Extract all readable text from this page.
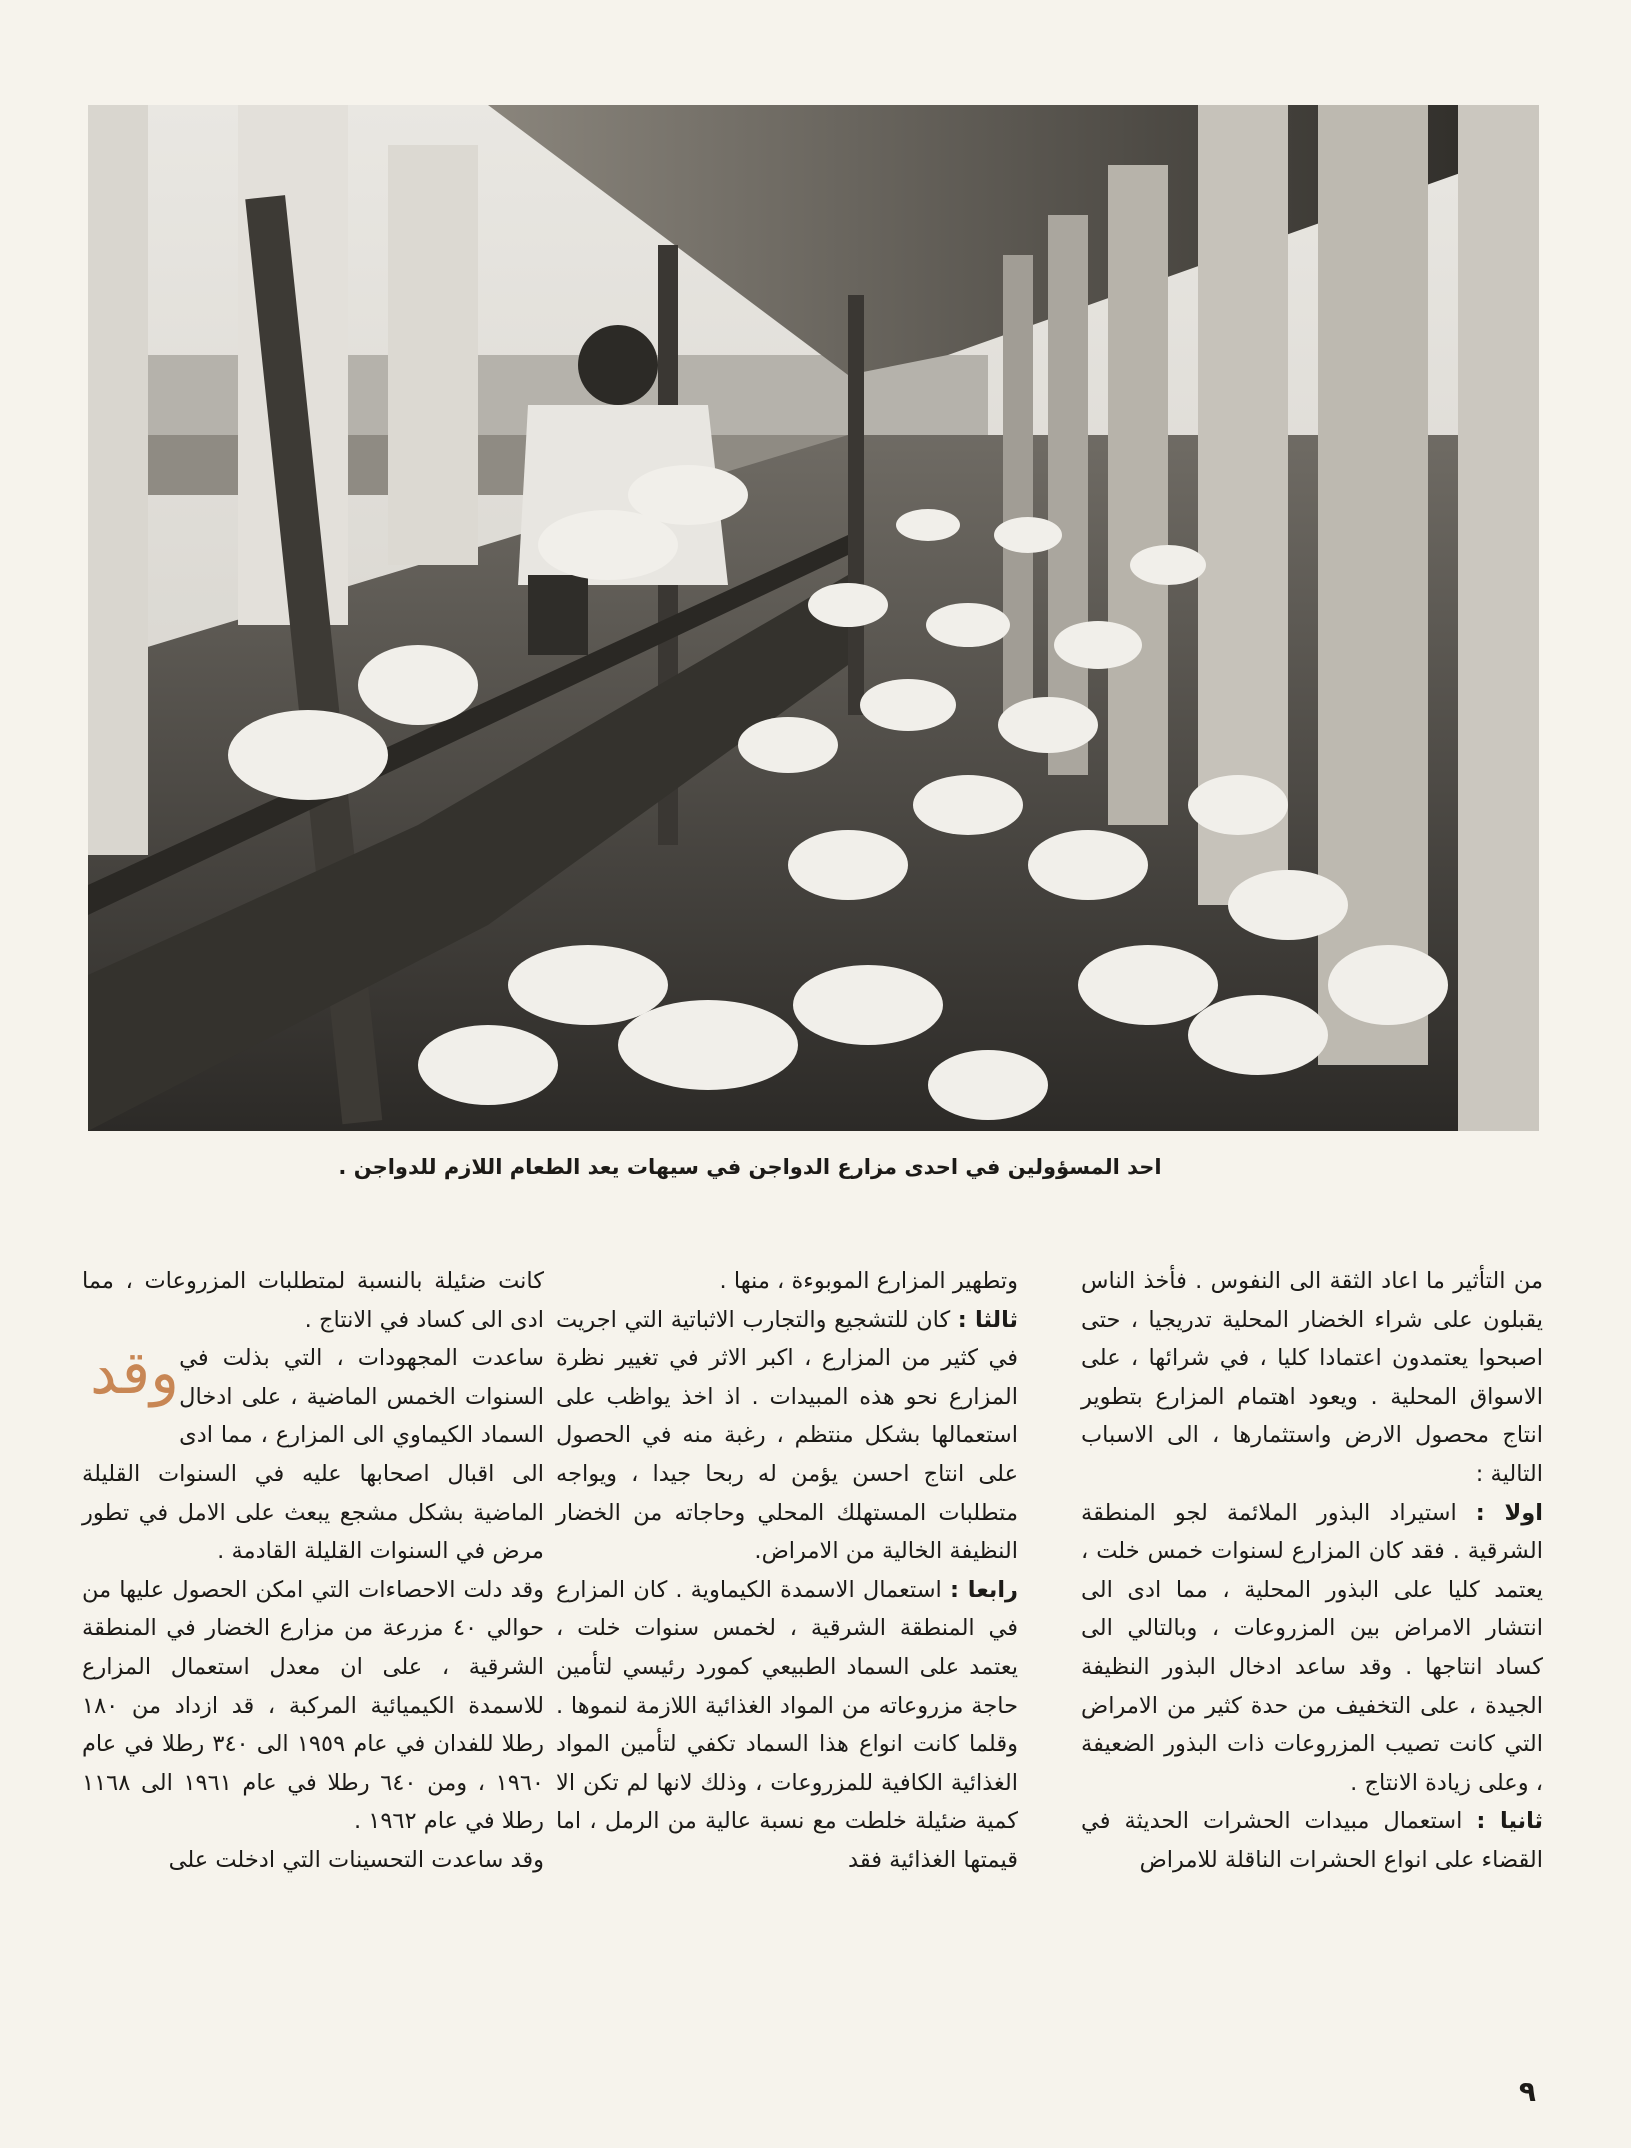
احد المسؤولين في احدى مزارع الدواجن في سيهات يعد الطعام اللازم للدواجن .

من التأثير ما اعاد الثقة الى النفوس . فأخذ الناس يقبلون على شراء الخضار المحلية تدريجيا ، حتى اصبحوا يعتمدون اعتمادا كليا ، في شرائها ، على الاسواق المحلية . ويعود اهتمام المزارع بتطوير انتاج محصول الارض واستثمارها ، الى الاسباب التالية :

اولا : استيراد البذور الملائمة لجو المنطقة الشرقية . فقد كان المزارع لسنوات خمس خلت ، يعتمد كليا على البذور المحلية ، مما ادى الى انتشار الامراض بين المزروعات ، وبالتالي الى كساد انتاجها . وقد ساعد ادخال البذور النظيفة الجيدة ، على التخفيف من حدة كثير من الامراض التي كانت تصيب المزروعات ذات البذور الضعيفة ، وعلى زيادة الانتاج .

ثانيا : استعمال مبيدات الحشرات الحديثة في القضاء على انواع الحشرات الناقلة للامراض

وتطهير المزارع الموبوءة ، منها .

ثالثا : كان للتشجيع والتجارب الاثباتية التي اجريت في كثير من المزارع ، اكبر الاثر في تغيير نظرة المزارع نحو هذه المبيدات . اذ اخذ يواظب على استعمالها بشكل منتظم ، رغبة منه في الحصول على انتاج احسن يؤمن له ربحا جيدا ، ويواجه متطلبات المستهلك المحلي وحاجاته من الخضار النظيفة الخالية من الامراض.

رابعا : استعمال الاسمدة الكيماوية . كان المزارع في المنطقة الشرقية ، لخمس سنوات خلت ، يعتمد على السماد الطبيعي كمورد رئيسي لتأمين حاجة مزروعاته من المواد الغذائية اللازمة لنموها . وقلما كانت انواع هذا السماد تكفي لتأمين المواد الغذائية الكافية للمزروعات ، وذلك لانها لم تكن الا كمية ضئيلة خلطت مع نسبة عالية من الرمل ، اما قيمتها الغذائية فقد

كانت ضئيلة بالنسبة لمتطلبات المزروعات ، مما ادى الى كساد في الانتاج .

وقد ساعدت المجهودات ، التي بذلت في السنوات الخمس الماضية ، على ادخال السماد الكيماوي الى المزارع ، مما ادى الى اقبال اصحابها عليه في السنوات القليلة الماضية بشكل مشجع يبعث على الامل في تطور مرض في السنوات القليلة القادمة .

وقد دلت الاحصاءات التي امكن الحصول عليها من حوالي ٤٠ مزرعة من مزارع الخضار في المنطقة الشرقية ، على ان معدل استعمال المزارع للاسمدة الكيميائية المركبة ، قد ازداد من ١٨٠ رطلا للفدان في عام ١٩٥٩ الى ٣٤٠ رطلا في عام ١٩٦٠ ، ومن ٦٤٠ رطلا في عام ١٩٦١ الى ١١٦٨ رطلا في عام ١٩٦٢ .

وقد ساعدت التحسينات التي ادخلت على

٩
